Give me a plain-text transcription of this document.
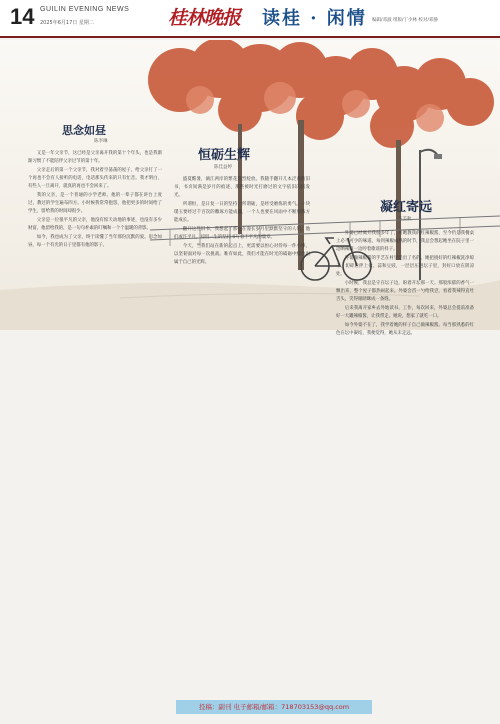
14 GUILIN EVENING NEWS
2025年6月17日 星期二	桂林晚报 读桂 · 闲情 编辑/邓淑 组版/丁少林 校对/邓静
思念如昼
陈李琳

又是一年父亲节，这已经是父亲离开我的第十个年头，也是我渐渐习惯了不能陪伴父亲过节的第十年。

父亲走后的第一个父亲节，我对着空荡荡的屋子，给父亲打了一个再也不会有人接听的电话，电话那头传来的只有忙音。我才明白，有些人一旦离开，就真的再也不会回来了。

我的父亲，是一个普通的小学老师。他的一辈子都在讲台上度过，教过的学生遍布四方。小时候我常常抱怨，他把更多的时间给了学生，留给我的时间却很少。

父亲是一位很平凡的父亲，他没有惊天动地的事迹，也没有多少财富，他留给我的，是一句句朴素的叮嘱和一个个温暖的背影。

如今，我也成为了父亲，终于读懂了当年那份沉默的爱。思念如昼，每一个有光的日子里都有他的影子。

恒砺生辉
陈佳益婷

盛夏酷暑，漓江两岸的繁花热烈绽放。我随手翻开几本泛黄的旧书，书页间满是岁月的痕迹，那些被时光打磨过的文字依旧闪闪发光。

所谓恒，是日复一日的坚持；所谓砺，是经受磨炼的勇气。一块璞玉要经过千百次的雕琢方能成器，一个人也要在风雨中不断历练方能成长。

翻开这些旧书，我想起了那些在漫长岁月里默默坚守的人们。他们或许平凡，却用一生的坚持书写着不平凡的篇章。

今天，当我们站在新的起点上，更需要以恒心对待每一件小事，以坚韧面对每一次挑战。唯有如此，我们才能在时光的砥砺中绽放出属于自己的光辉。

凝红寄远
陈美秋

外婆已经离开我很多年了，可她教我的红辣椒酱，至今仍是我餐桌上必不可少的味道。每到辣椒成熟的时节，我总会想起她坐在院子里一边晒辣椒一边哼着歌谣的样子。

外婆做辣椒酱的手艺在村里是出了名的。她把挑好的红辣椒洗净晾干，切碎后拌上盐、蒜和豆豉，一层层压进坛子里，封好口放在阴凉处。

小时候，我总是守在坛子边，盼着开坛那一天。那股浓郁的香气一飘出来，整个屋子都热闹起来。外婆会舀一勺给我尝，看着我辣得直吐舌头，笑得眼睛眯成一条缝。

后来我离开家乡去外地读书、工作，每次回来，外婆总会提前准备好一大罐辣椒酱，让我带走。她说，想家了就吃一口。

如今外婆不在了，我学着她的样子自己做辣椒酱。每当那熟悉的红色在坛中凝结，我便觉得，她从未走远。

投稿：副刊 电子邮箱/邮箱：718703153@qq.com
